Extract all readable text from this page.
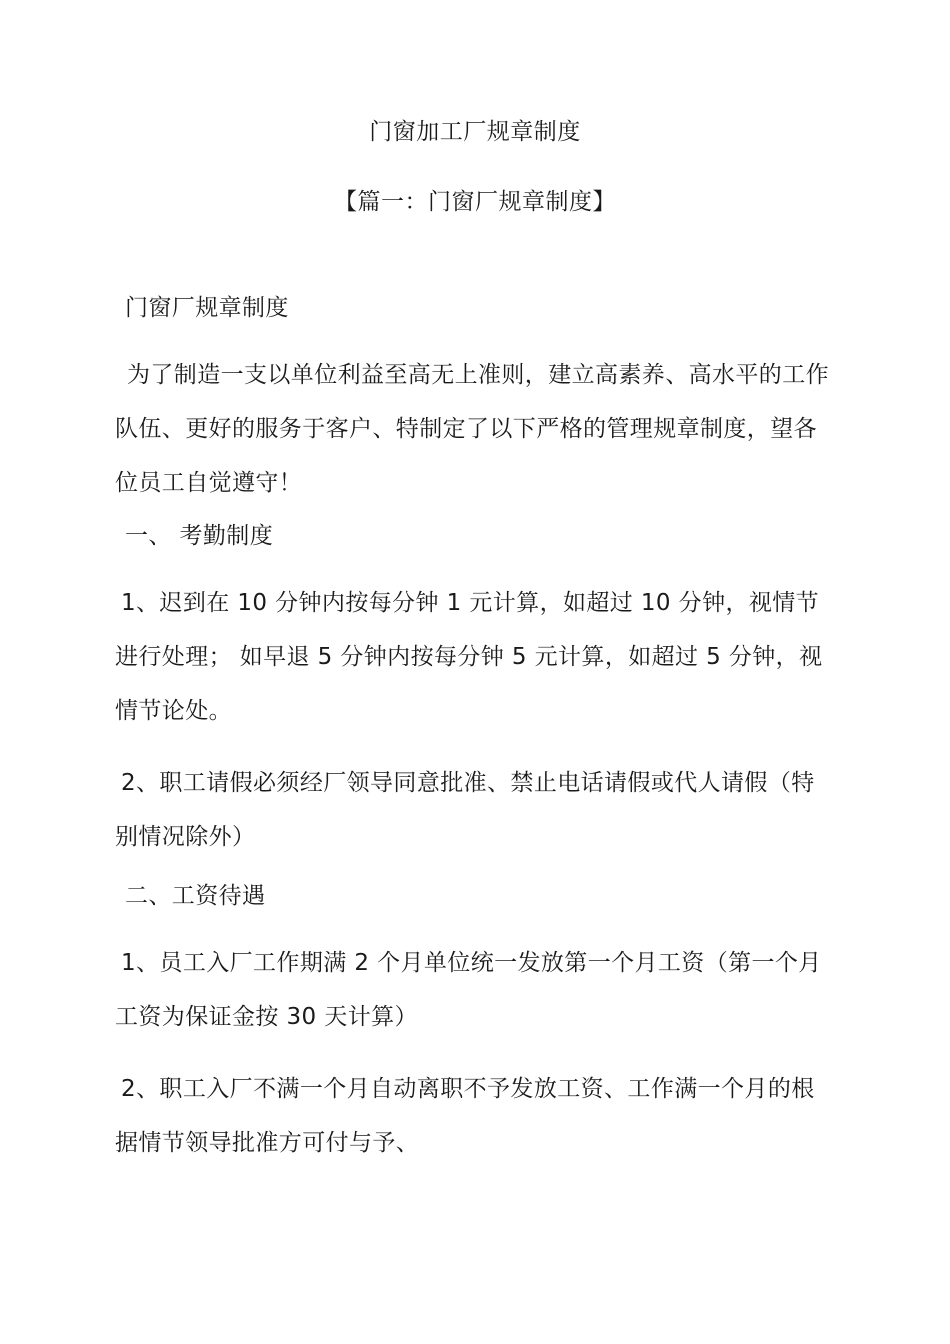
门窗加工厂规章制度
【篇一：门窗厂规章制度】

门窗厂规章制度

为了制造一支以单位利益至高无上准则，建立高素养、高水平的工作队伍、更好的服务于客户、特制定了以下严格的管理规章制度，望各位员工自觉遵守！

一、 考勤制度

1、迟到在 10 分钟内按每分钟 1 元计算，如超过 10 分钟，视情节进行处理； 如早退 5 分钟内按每分钟 5 元计算，如超过 5 分钟，视情节论处。

2、职工请假必须经厂领导同意批准、禁止电话请假或代人请假（特别情况除外）

二、工资待遇

1、员工入厂工作期满 2 个月单位统一发放第一个月工资（第一个月工资为保证金按 30 天计算）

2、职工入厂不满一个月自动离职不予发放工资、工作满一个月的根据情节领导批准方可付与予、
